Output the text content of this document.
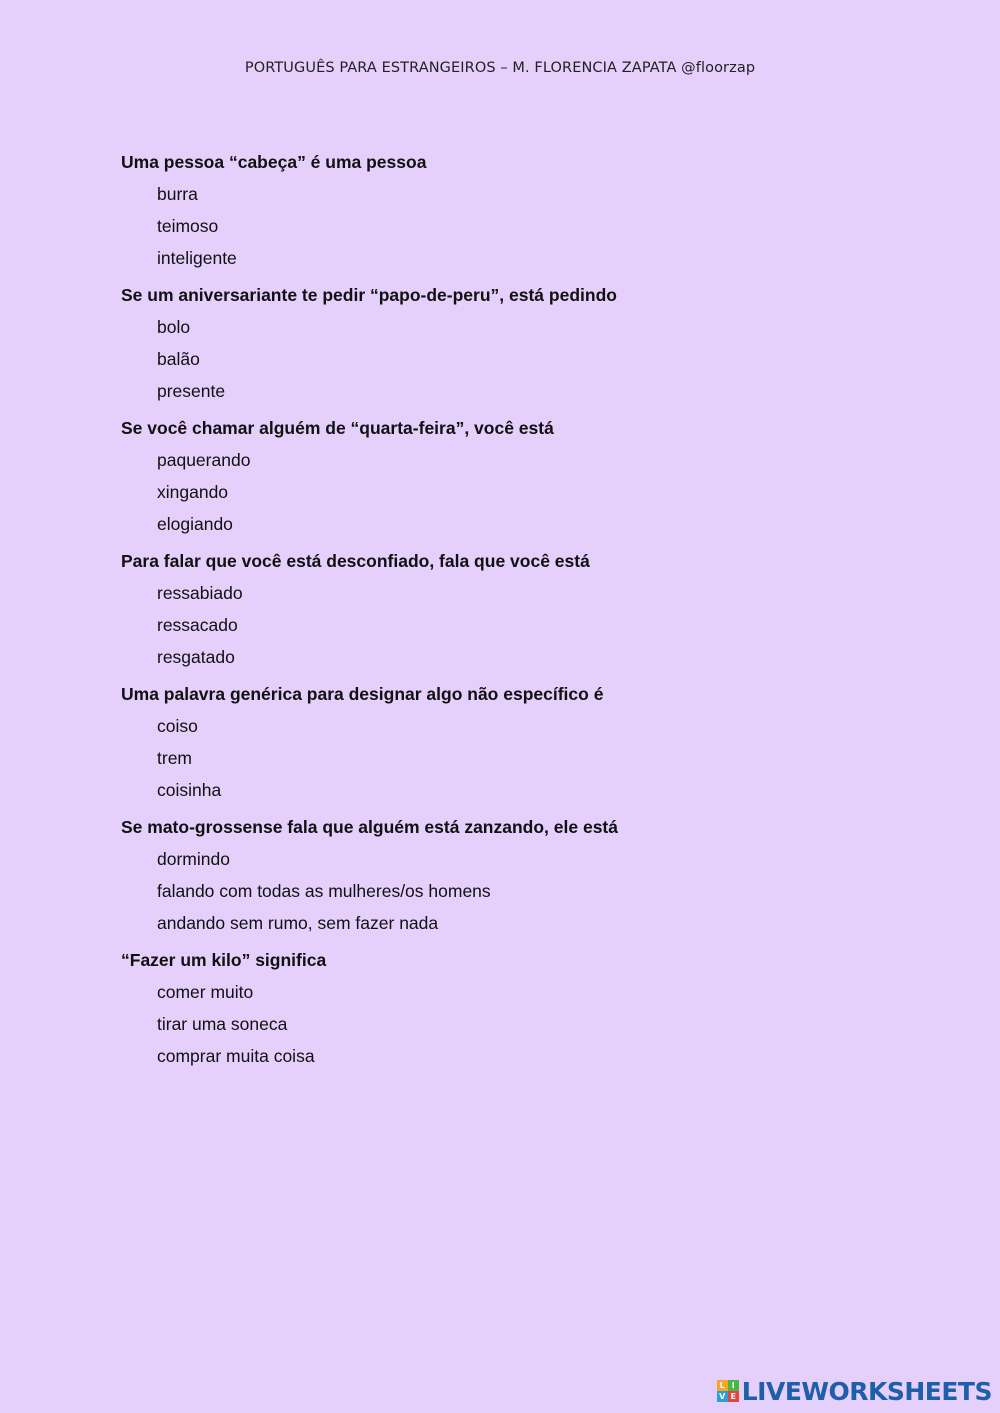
PORTUGUÊS PARA ESTRANGEIROS – M. FLORENCIA ZAPATA @floorzap
Uma pessoa “cabeça” é uma pessoa
burra
teimoso
inteligente
Se um aniversariante te pedir “papo-de-peru”, está pedindo
bolo
balão
presente
Se você chamar alguém de “quarta-feira”, você está
paquerando
xingando
elogiando
Para falar que você está desconfiado, fala que você está
ressabiado
ressacado
resgatado
Uma palavra genérica para designar algo não específico é
coiso
trem
coisinha
Se mato-grossense fala que alguém está zanzando, ele está
dormindo
falando com todas as mulheres/os homens
andando sem rumo, sem fazer nada
“Fazer um kilo” significa
comer muito
tirar uma soneca
comprar muita coisa
L I
V E LIVEWORKSHEETS
